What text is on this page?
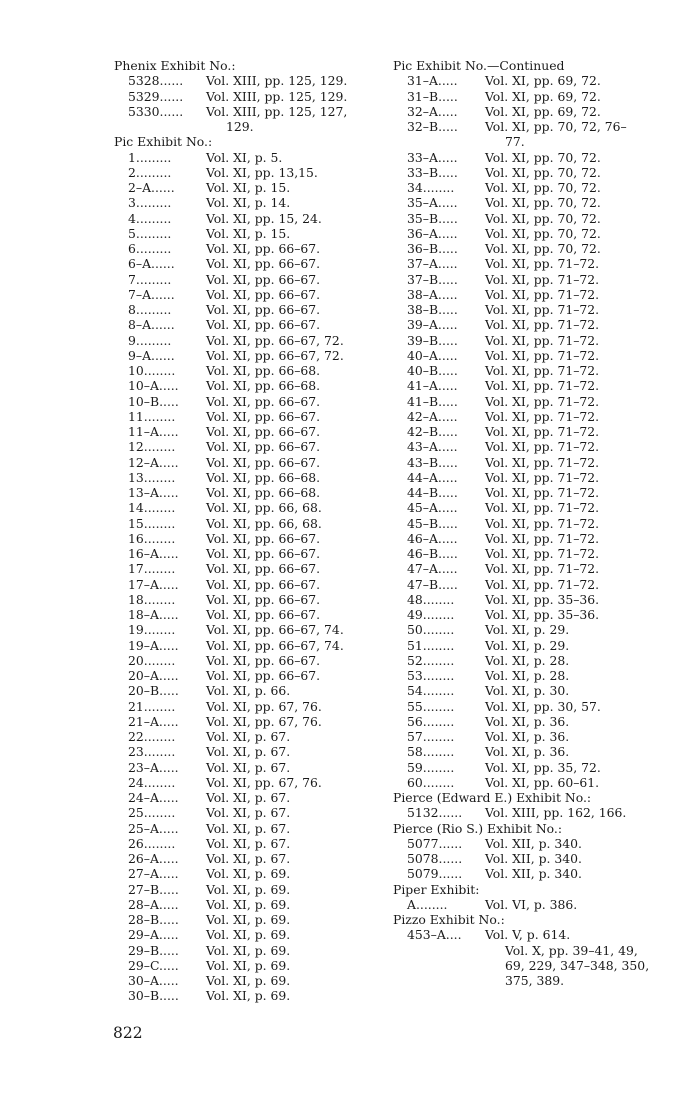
Phenix Exhibit No.:
5328...... Vol. XIII, pp. 125, 129.
5329...... Vol. XIII, pp. 125, 129.
5330...... Vol. XIII, pp. 125, 127,
129.
Pic Exhibit No.:
1.........	Vol. XI, p. 5.
2.........	Vol. XI, pp. 13,15.
2–A......	Vol. XI, p. 15.
3.........	Vol. XI, p. 14.
4.........	Vol. XI, pp. 15, 24.
5.........	Vol. XI, p. 15.
6.........	Vol. XI, pp. 66–67.
6–A......	Vol. XI, pp. 66–67.
7.........	Vol. XI, pp. 66–67.
7–A......	Vol. XI, pp. 66–67.
8.........	Vol. XI, pp. 66–67.
8–A......	Vol. XI, pp. 66–67.
9.........	Vol. XI, pp. 66–67, 72.
9–A......	Vol. XI, pp. 66–67, 72.
10........ Vol. XI, pp. 66–68.
10–A..... Vol. XI, pp. 66–68.
10–B..... Vol. XI, pp. 66–67.
11........ Vol. XI, pp. 66–67.
11–A..... Vol. XI, pp. 66–67.
12........ Vol. XI, pp. 66–67.
12–A..... Vol. XI, pp. 66–67.
13........ Vol. XI, pp. 66–68.
13–A..... Vol. XI, pp. 66–68.
14........ Vol. XI, pp. 66, 68.
15........ Vol. XI, pp. 66, 68.
16........ Vol. XI, pp. 66–67.
16–A..... Vol. XI, pp. 66–67.
17........ Vol. XI, pp. 66–67.
17–A..... Vol. XI, pp. 66–67.
18........ Vol. XI, pp. 66–67.
18–A..... Vol. XI, pp. 66–67.
19........ Vol. XI, pp. 66–67, 74.
19–A..... Vol. XI, pp. 66–67, 74.
20........ Vol. XI, pp. 66–67.
20–A..... Vol. XI, pp. 66–67.
20–B..... Vol. XI, p. 66.
21........ Vol. XI, pp. 67, 76.
21–A..... Vol. XI, pp. 67, 76.
22........ Vol. XI, p. 67.
23........ Vol. XI, p. 67.
23–A..... Vol. XI, p. 67.
24........ Vol. XI, pp. 67, 76.
24–A..... Vol. XI, p. 67.
25........ Vol. XI, p. 67.
25–A..... Vol. XI, p. 67.
26........ Vol. XI, p. 67.
26–A..... Vol. XI, p. 67.
27–A..... Vol. XI, p. 69.
27–B..... Vol. XI, p. 69.
28–A..... Vol. XI, p. 69.
28–B..... Vol. XI, p. 69.
29–A..... Vol. XI, p. 69.
29–B..... Vol. XI, p. 69.
29–C..... Vol. XI, p. 69.
30–A..... Vol. XI, p. 69.
30–B..... Vol. XI, p. 69.
Pic Exhibit No.—Continued
31–A..... Vol. XI, pp. 69, 72.
31–B..... Vol. XI, pp. 69, 72.
32–A..... Vol. XI, pp. 69, 72.
32–B..... Vol. XI, pp. 70, 72, 76–
77.
33–A..... Vol. XI, pp. 70, 72.
33–B..... Vol. XI, pp. 70, 72.
34........ Vol. XI, pp. 70, 72.
35–A..... Vol. XI, pp. 70, 72.
35–B..... Vol. XI, pp. 70, 72.
36–A..... Vol. XI, pp. 70, 72.
36–B..... Vol. XI, pp. 70, 72.
37–A..... Vol. XI, pp. 71–72.
37–B..... Vol. XI, pp. 71–72.
38–A..... Vol. XI, pp. 71–72.
38–B..... Vol. XI, pp. 71–72.
39–A..... Vol. XI, pp. 71–72.
39–B..... Vol. XI, pp. 71–72.
40–A..... Vol. XI, pp. 71–72.
40–B..... Vol. XI, pp. 71–72.
41–A..... Vol. XI, pp. 71–72.
41–B..... Vol. XI, pp. 71–72.
42–A..... Vol. XI, pp. 71–72.
42–B..... Vol. XI, pp. 71–72.
43–A..... Vol. XI, pp. 71–72.
43–B..... Vol. XI, pp. 71–72.
44–A..... Vol. XI, pp. 71–72.
44–B..... Vol. XI, pp. 71–72.
45–A..... Vol. XI, pp. 71–72.
45–B..... Vol. XI, pp. 71–72.
46–A..... Vol. XI, pp. 71–72.
46–B..... Vol. XI, pp. 71–72.
47–A..... Vol. XI, pp. 71–72.
47–B..... Vol. XI, pp. 71–72.
48........ Vol. XI, pp. 35–36.
49........ Vol. XI, pp. 35–36.
50........ Vol. XI, p. 29.
51........ Vol. XI, p. 29.
52........ Vol. XI, p. 28.
53........ Vol. XI, p. 28.
54........ Vol. XI, p. 30.
55........ Vol. XI, pp. 30, 57.
56........ Vol. XI, p. 36.
57........ Vol. XI, p. 36.
58........ Vol. XI, p. 36.
59........ Vol. XI, pp. 35, 72.
60........ Vol. XI, pp. 60–61.
Pierce (Edward E.) Exhibit No.:
5132...... Vol. XIII, pp. 162, 166.
Pierce (Rio S.) Exhibit No.:
5077...... Vol. XII, p. 340.
5078...... Vol. XII, p. 340.
5079...... Vol. XII, p. 340.
Piper Exhibit:
A........	Vol. VI, p. 386.
Pizzo Exhibit No.:
453–A.... Vol. V, p. 614.
Vol. X, pp. 39–41, 49,
69, 229, 347–348, 350,
375, 389.
822
